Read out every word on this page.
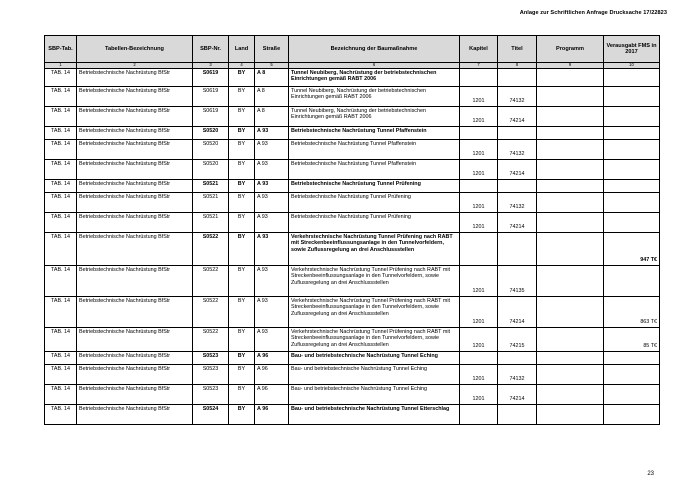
Anlage zur Schriftlichen Anfrage Drucksache 17/22823
SBP-Tab.	Tabellen-Bezeichnung	SBP-Nr.	Land	Straße	Bezeichnung der Baumaßnahme	Kapitel	Titel	Programm	Verausgabt FMS in 2017
1	2	3	4	5	6	7	8	9	10
TAB. 14	Betriebstechnische Nachrüstung BfStr	S0619	BY	A 8	Tunnel Neubiberg, Nachrüstung der betriebstechnischen Einrichtungen gemäß RABT 2006				
TAB. 14	Betriebstechnische Nachrüstung BfStr	S0619	BY	A 8	Tunnel Neubiberg, Nachrüstung der betriebstechnischen Einrichtungen gemäß RABT 2006	1201	74132		
TAB. 14	Betriebstechnische Nachrüstung BfStr	S0619	BY	A 8	Tunnel Neubiberg, Nachrüstung der betriebstechnischen Einrichtungen gemäß RABT 2006	1201	74214		
TAB. 14	Betriebstechnische Nachrüstung BfStr	S0520	BY	A 93	Betriebstechnische Nachrüstung Tunnel Pfaffenstein				
TAB. 14	Betriebstechnische Nachrüstung BfStr	S0520	BY	A 93	Betriebstechnische Nachrüstung Tunnel Pfaffenstein	1201	74132		
TAB. 14	Betriebstechnische Nachrüstung BfStr	S0520	BY	A 93	Betriebstechnische Nachrüstung Tunnel Pfaffenstein	1201	74214		
TAB. 14	Betriebstechnische Nachrüstung BfStr	S0521	BY	A 93	Betriebstechnische Nachrüstung Tunnel Prüfening				
TAB. 14	Betriebstechnische Nachrüstung BfStr	S0521	BY	A 93	Betriebstechnische Nachrüstung Tunnel Prüfening	1201	74132		
TAB. 14	Betriebstechnische Nachrüstung BfStr	S0521	BY	A 93	Betriebstechnische Nachrüstung Tunnel Prüfening	1201	74214		
TAB. 14	Betriebstechnische Nachrüstung BfStr	S0522	BY	A 93	Verkehrstechnische Nachrüstung Tunnel Prüfening nach RABT mit Streckenbeeinflussungsanlage in den Tunnelvorfeldern, sowie Zuflussregelung an drei Anschlussstellen				947 T€
TAB. 14	Betriebstechnische Nachrüstung BfStr	S0522	BY	A 93	Verkehrstechnische Nachrüstung Tunnel Prüfening nach RABT mit Streckenbeeinflussungsanlage in den Tunnelvorfeldern, sowie Zuflussregelung an drei Anschlussstellen	1201	74135		
TAB. 14	Betriebstechnische Nachrüstung BfStr	S0522	BY	A 93	Verkehrstechnische Nachrüstung Tunnel Prüfening nach RABT mit Streckenbeeinflussungsanlage in den Tunnelvorfeldern, sowie Zuflussregelung an drei Anschlussstellen	1201	74214		863 T€
TAB. 14	Betriebstechnische Nachrüstung BfStr	S0522	BY	A 93	Verkehrstechnische Nachrüstung Tunnel Prüfening nach RABT mit Streckenbeeinflussungsanlage in den Tunnelvorfeldern, sowie Zuflussregelung an drei Anschlussstellen	1201	74215		85 T€
TAB. 14	Betriebstechnische Nachrüstung BfStr	S0523	BY	A 96	Bau- und betriebstechnische Nachrüstung Tunnel Eching				
TAB. 14	Betriebstechnische Nachrüstung BfStr	S0523	BY	A 96	Bau- und betriebstechnische Nachrüstung Tunnel Eching	1201	74132		
TAB. 14	Betriebstechnische Nachrüstung BfStr	S0523	BY	A 96	Bau- und betriebstechnische Nachrüstung Tunnel Eching	1201	74214		
TAB. 14	Betriebstechnische Nachrüstung BfStr	S0524	BY	A 96	Bau- und betriebstechnische Nachrüstung Tunnel Etterschlag				
23
